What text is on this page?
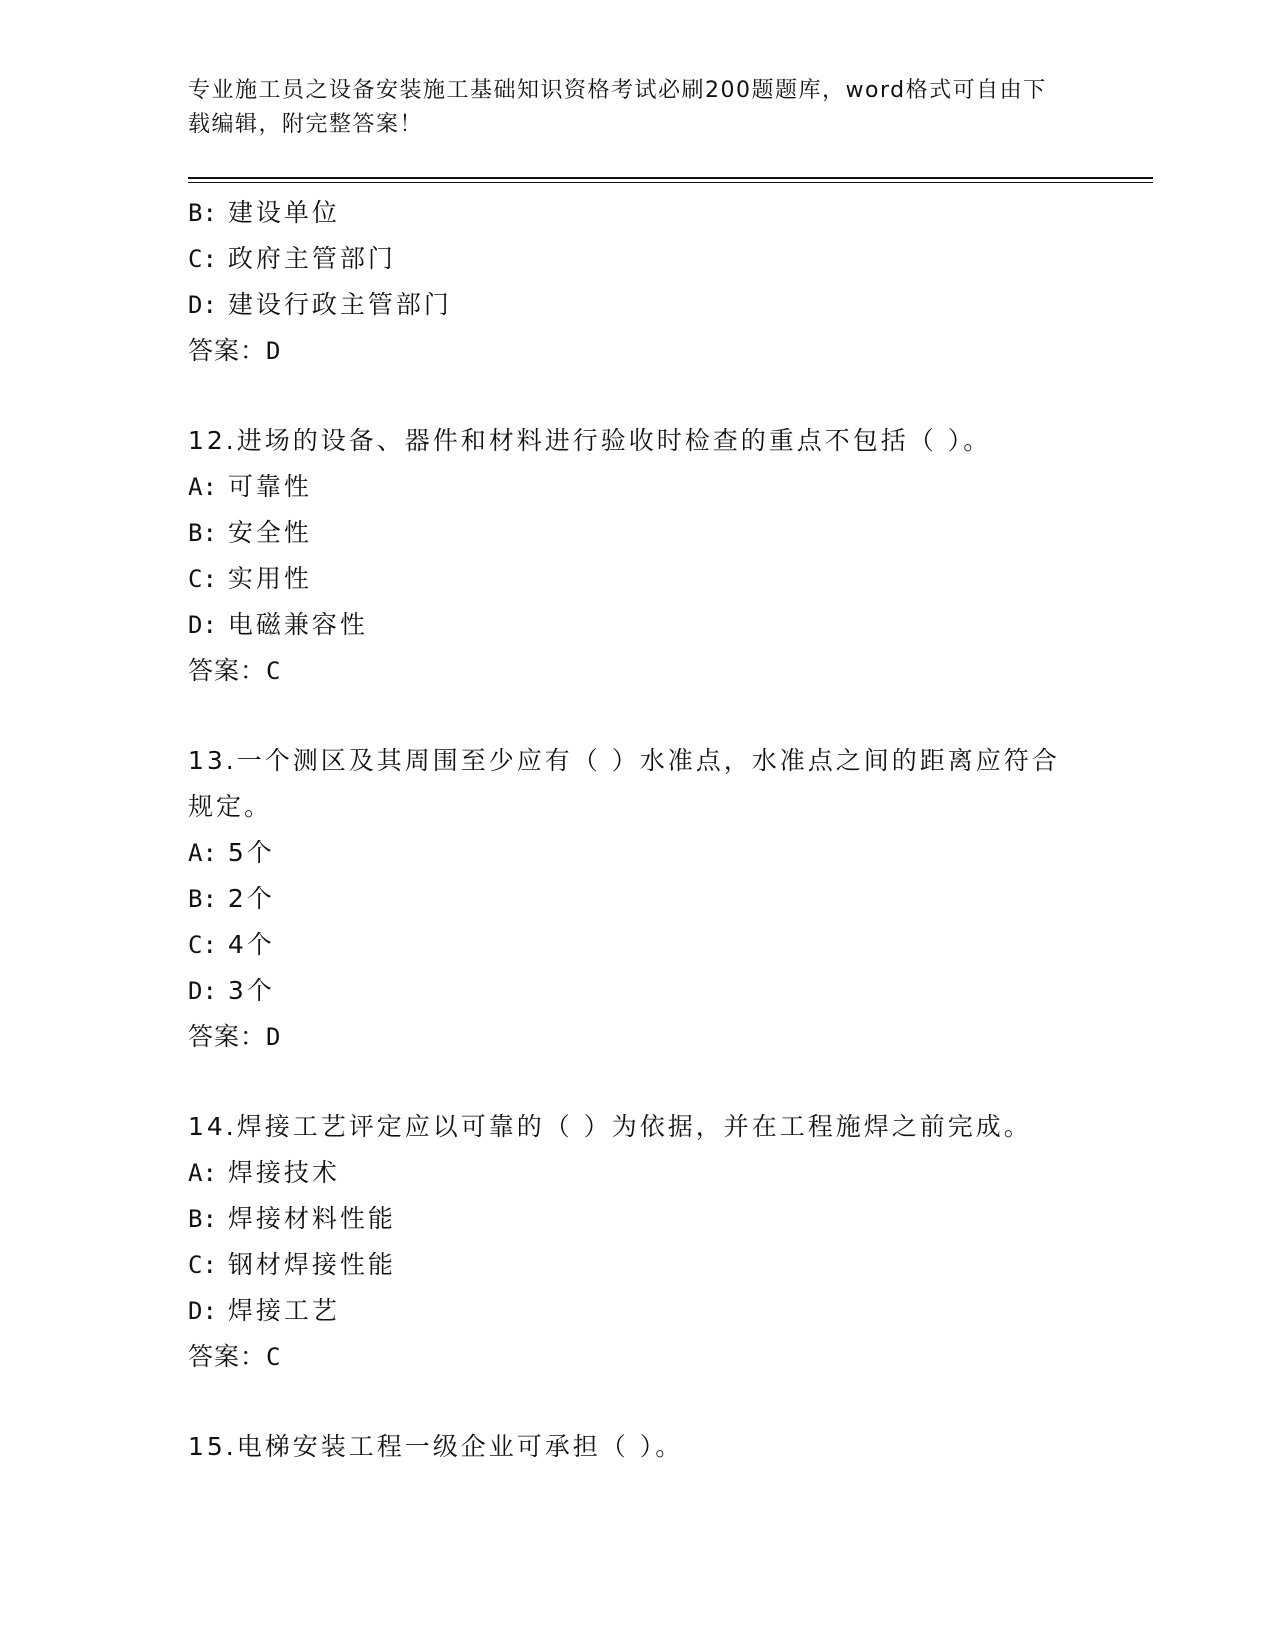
专业施工员之设备安装施工基础知识资格考试必刷200题题库，word格式可自由下载编辑，附完整答案！
B: 建设单位
C: 政府主管部门
D: 建设行政主管部门
答案：D
12.进场的设备、器件和材料进行验收时检查的重点不包括（ ）。
A: 可靠性
B: 安全性
C: 实用性
D: 电磁兼容性
答案：C
13.一个测区及其周围至少应有（ ）水准点，水准点之间的距离应符合规定。
A: 5个
B: 2个
C: 4个
D: 3个
答案：D
14.焊接工艺评定应以可靠的（ ）为依据，并在工程施焊之前完成。
A: 焊接技术
B: 焊接材料性能
C: 钢材焊接性能
D: 焊接工艺
答案：C
15.电梯安装工程一级企业可承担（ ）。
